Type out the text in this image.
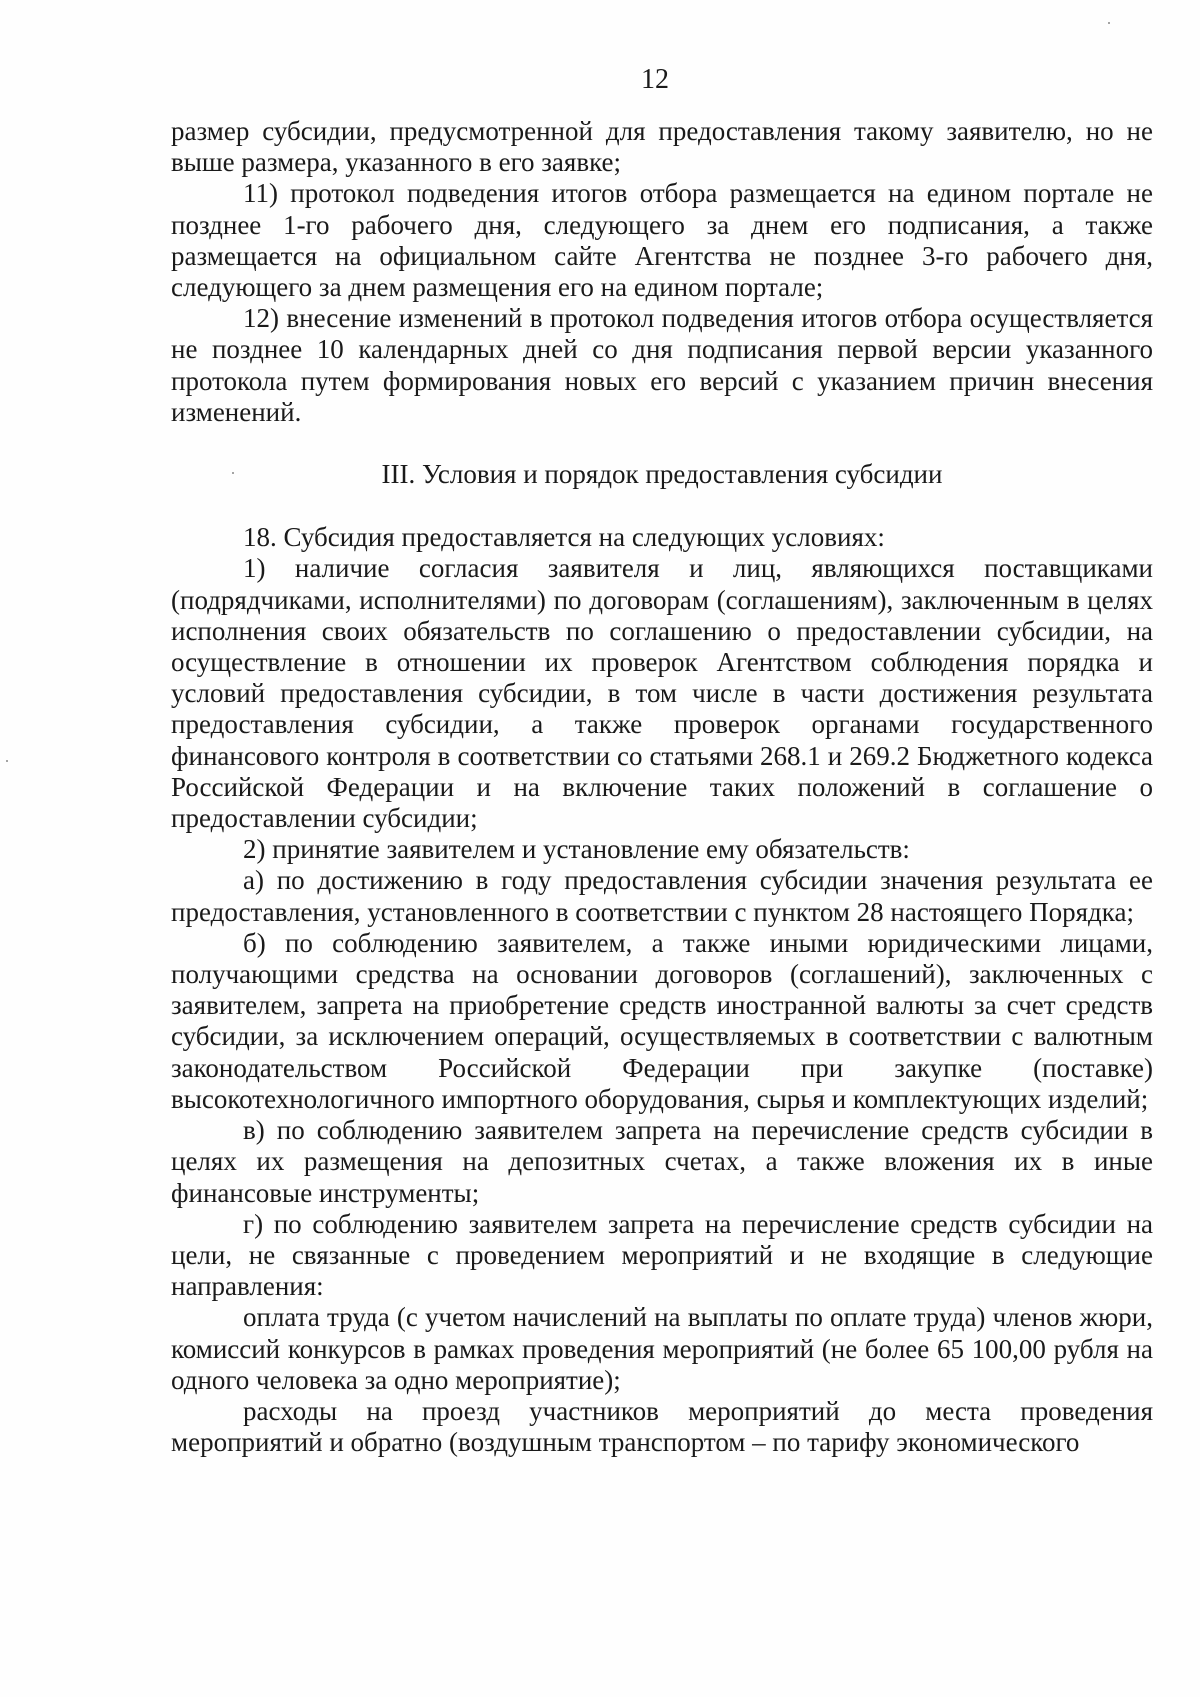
12

размер субсидии, предусмотренной для предоставления такому заявителю, но не выше размера, указанного в его заявке;

11) протокол подведения итогов отбора размещается на едином портале не позднее 1-го рабочего дня, следующего за днем его подписания, а также размещается на официальном сайте Агентства не позднее 3-го рабочего дня, следующего за днем размещения его на едином портале;

12) внесение изменений в протокол подведения итогов отбора осуществляется не позднее 10 календарных дней со дня подписания первой версии указанного протокола путем формирования новых его версий с указанием причин внесения изменений.

III. Условия и порядок предоставления субсидии

18. Субсидия предоставляется на следующих условиях:

1) наличие согласия заявителя и лиц, являющихся поставщиками (подрядчиками, исполнителями) по договорам (соглашениям), заключенным в целях исполнения своих обязательств по соглашению о предоставлении субсидии, на осуществление в отношении их проверок Агентством соблюдения порядка и условий предоставления субсидии, в том числе в части достижения результата предоставления субсидии, а также проверок органами государственного финансового контроля в соответствии со статьями 268.1 и 269.2 Бюджетного кодекса Российской Федерации и на включение таких положений в соглашение о предоставлении субсидии;

2) принятие заявителем и установление ему обязательств:

а) по достижению в году предоставления субсидии значения результата ее предоставления, установленного в соответствии с пунктом 28 настоящего Порядка;

б) по соблюдению заявителем, а также иными юридическими лицами, получающими средства на основании договоров (соглашений), заключенных с заявителем, запрета на приобретение средств иностранной валюты за счет средств субсидии, за исключением операций, осуществляемых в соответствии с валютным законодательством Российской Федерации при закупке (поставке) высокотехнологичного импортного оборудования, сырья и комплектующих изделий;

в) по соблюдению заявителем запрета на перечисление средств субсидии в целях их размещения на депозитных счетах, а также вложения их в иные финансовые инструменты;

г) по соблюдению заявителем запрета на перечисление средств субсидии на цели, не связанные с проведением мероприятий и не входящие в следующие направления:

оплата труда (с учетом начислений на выплаты по оплате труда) членов жюри, комиссий конкурсов в рамках проведения мероприятий (не более 65 100,00 рубля на одного человека за одно мероприятие);

расходы на проезд участников мероприятий до места проведения мероприятий и обратно (воздушным транспортом – по тарифу экономического
